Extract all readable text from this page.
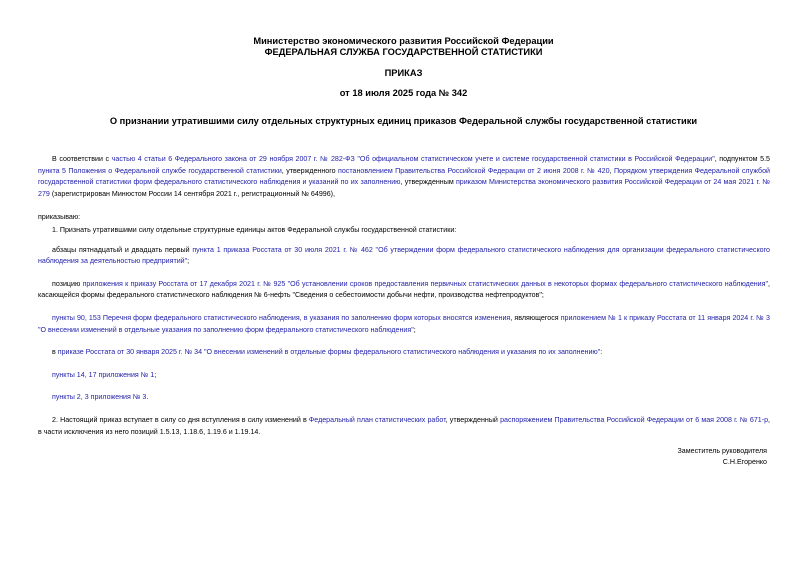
Министерство экономического развития Российской Федерации
ФЕДЕРАЛЬНАЯ СЛУЖБА ГОСУДАРСТВЕННОЙ СТАТИСТИКИ
ПРИКАЗ
от 18 июля 2025 года № 342
О признании утратившими силу отдельных структурных единиц приказов Федеральной службы государственной статистики

В соответствии с частью 4 статьи 6 Федерального закона от 29 ноября 2007 г. № 282-ФЗ "Об официальном статистическом учете и системе государственной статистики в Российской Федерации", подпунктом 5.5 пункта 5 Положения о Федеральной службе государственной статистики, утвержденного постановлением Правительства Российской Федерации от 2 июня 2008 г. № 420, Порядком утверждения Федеральной службой государственной статистики форм федерального статистического наблюдения и указаний по их заполнению, утвержденным приказом Министерства экономического развития Российской Федерации от 24 мая 2021 г. № 279 (зарегистрирован Минюстом России 14 сентября 2021 г., регистрационный № 64996),

приказываю:

1. Признать утратившими силу отдельные структурные единицы актов Федеральной службы государственной статистики:

абзацы пятнадцатый и двадцать первый пункта 1 приказа Росстата от 30 июля 2021 г. № 462 "Об утверждении форм федерального статистического наблюдения для организации федерального статистического наблюдения за деятельностью предприятий";

позицию приложения к приказу Росстата от 17 декабря 2021 г. № 925 "Об установлении сроков предоставления первичных статистических данных в некоторых формах федерального статистического наблюдения", касающейся формы федерального статистического наблюдения № 6-нефть "Сведения о себестоимости добычи нефти, производства нефтепродуктов";

пункты 90, 153 Перечня форм федерального статистического наблюдения, в указания по заполнению форм которых вносятся изменения, являющегося приложением № 1 к приказу Росстата от 11 января 2024 г. № 3 "О внесении изменений в отдельные указания по заполнению форм федерального статистического наблюдения";

в приказе Росстата от 30 января 2025 г. № 34 "О внесении изменений в отдельные формы федерального статистического наблюдения и указания по их заполнению":

пункты 14, 17 приложения № 1;

пункты 2, 3 приложения № 3.

2. Настоящий приказ вступает в силу со дня вступления в силу изменений в Федеральный план статистических работ, утвержденный распоряжением Правительства Российской Федерации от 6 мая 2008 г. № 671-р, в части исключения из него позиций 1.5.13, 1.18.6, 1.19.6 и 1.19.14.

Заместитель руководителя
С.Н.Егоренко
